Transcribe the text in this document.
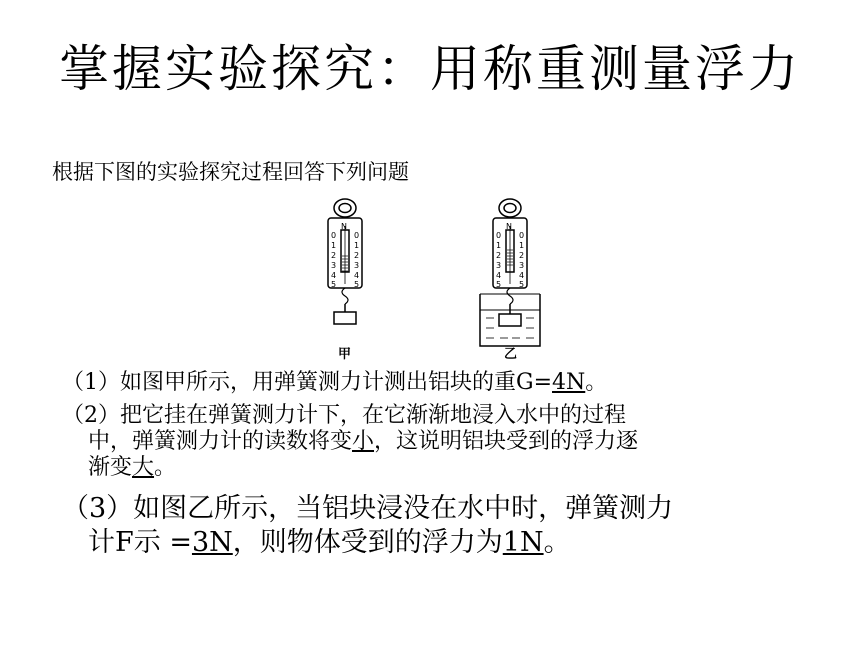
掌握实验探究：用称重测量浮力
根据下图的实验探究过程回答下列问题
N
0 0
1 1
2 2
3 3
4 4
5 5
N
0 0
1 1
2 2
3 3
4 4
5 5
甲	乙
（1）如图甲所示，用弹簧测力计测出铝块的重G=4N。
（2）把它挂在弹簧测力计下，在它渐渐地浸入水中的过程
中，弹簧测力计的读数将变小，这说明铝块受到的浮力逐
渐变大。
（3）如图乙所示，当铝块浸没在水中时，弹簧测力
计F示 =3N，则物体受到的浮力为1N。
